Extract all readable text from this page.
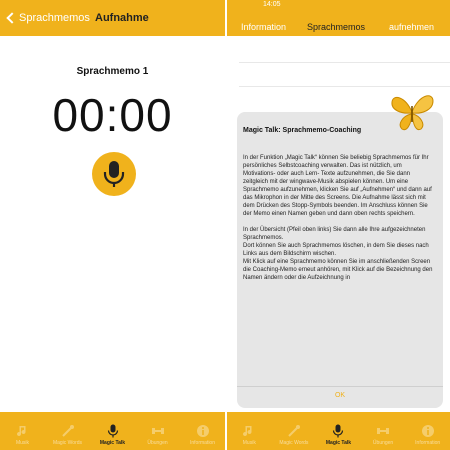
Sprachmemos Aufnahme
Sprachmemo 1
00:00
Musik	Magic Words	Magic Talk	Übungen	Information
14:05
Information Sprachmemos	aufnehmen
Magic Talk: Sprachmemo-Coaching

In der Funktion „Magic Talk“ können Sie beliebig Sprachmemos für Ihr persönliches Selbstcoaching verwalten. Das ist nützlich, um Motivations- oder auch Lern- Texte aufzunehmen, die Sie dann zeitgleich mit der wingwave-Musik abspielen können. Um eine Sprachmemo aufzunehmen, klicken Sie auf „Aufnehmen“ und dann auf das Mikrophon in der Mitte des Screens. Die Aufnahme lässt sich mit dem Drücken des Stopp-Symbols beenden. Im Anschluss können Sie der Memo einen Namen geben und dann oben rechts speichern.

In der Übersicht (Pfeil oben links) Sie dann alle Ihre aufgezeichneten Sprachmemos.

Dort können Sie auch Sprachmemos löschen, in dem Sie dieses nach Links aus dem Bildschirm wischen.

Mit Klick auf eine Sprachmemo können Sie im anschließenden Screen die Coaching-Memo erneut anhören, mit Klick auf die Bezeichnung den Namen ändern oder die Aufzeichnung in

OK
Musik	Magic Words	Magic Talk	Übungen	Information
